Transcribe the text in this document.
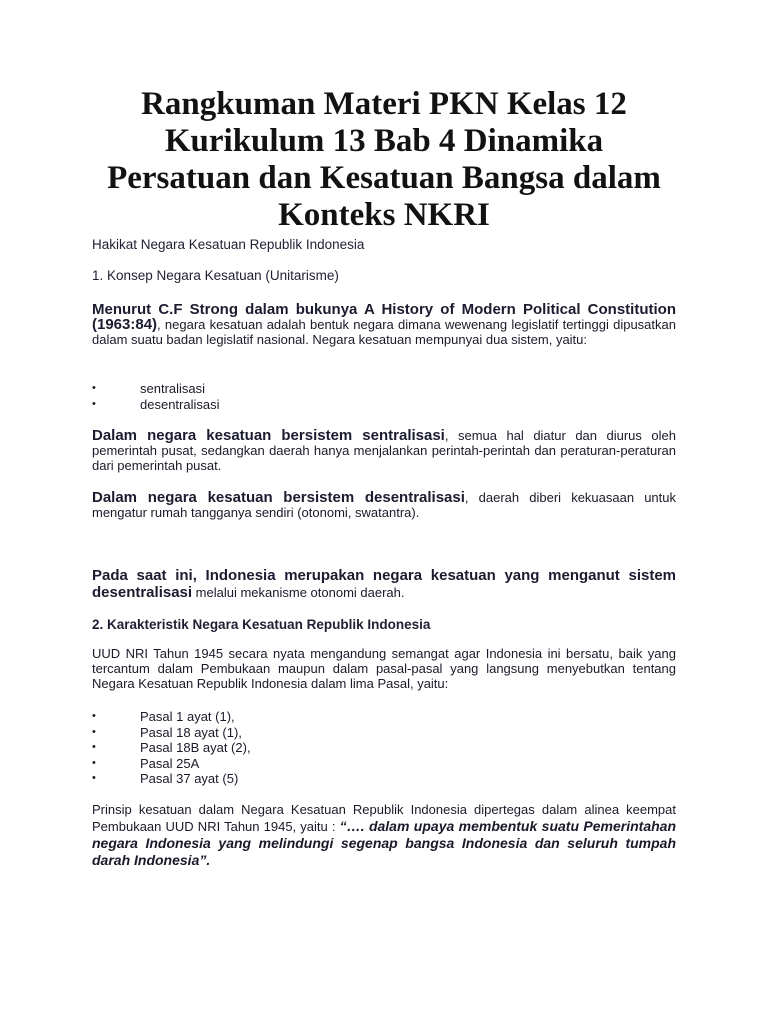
Rangkuman Materi PKN Kelas 12 Kurikulum 13 Bab 4 Dinamika Persatuan dan Kesatuan Bangsa dalam Konteks NKRI

Hakikat Negara Kesatuan Republik Indonesia

1. Konsep Negara Kesatuan (Unitarisme)

Menurut C.F Strong dalam bukunya A History of Modern Political Constitution (1963:84), negara kesatuan adalah bentuk negara dimana wewenang legislatif tertinggi dipusatkan dalam suatu badan legislatif nasional. Negara kesatuan mempunyai dua sistem, yaitu:

• sentralisasi
• desentralisasi

Dalam negara kesatuan bersistem sentralisasi, semua hal diatur dan diurus oleh pemerintah pusat, sedangkan daerah hanya menjalankan perintah-perintah dan peraturan-peraturan dari pemerintah pusat.

Dalam negara kesatuan bersistem desentralisasi, daerah diberi kekuasaan untuk mengatur rumah tangganya sendiri (otonomi, swatantra).

Pada saat ini, Indonesia merupakan negara kesatuan yang menganut sistem desentralisasi melalui mekanisme otonomi daerah.

2. Karakteristik Negara Kesatuan Republik Indonesia

UUD NRI Tahun 1945 secara nyata mengandung semangat agar Indonesia ini bersatu, baik yang tercantum dalam Pembukaan maupun dalam pasal-pasal yang langsung menyebutkan tentang Negara Kesatuan Republik Indonesia dalam lima Pasal, yaitu:

• Pasal 1 ayat (1),
• Pasal 18 ayat (1),
• Pasal 18B ayat (2),
• Pasal 25A
• Pasal 37 ayat (5)

Prinsip kesatuan dalam Negara Kesatuan Republik Indonesia dipertegas dalam alinea keempat Pembukaan UUD NRI Tahun 1945, yaitu : “…. dalam upaya membentuk suatu Pemerintahan negara Indonesia yang melindungi segenap bangsa Indonesia dan seluruh tumpah darah Indonesia”.
